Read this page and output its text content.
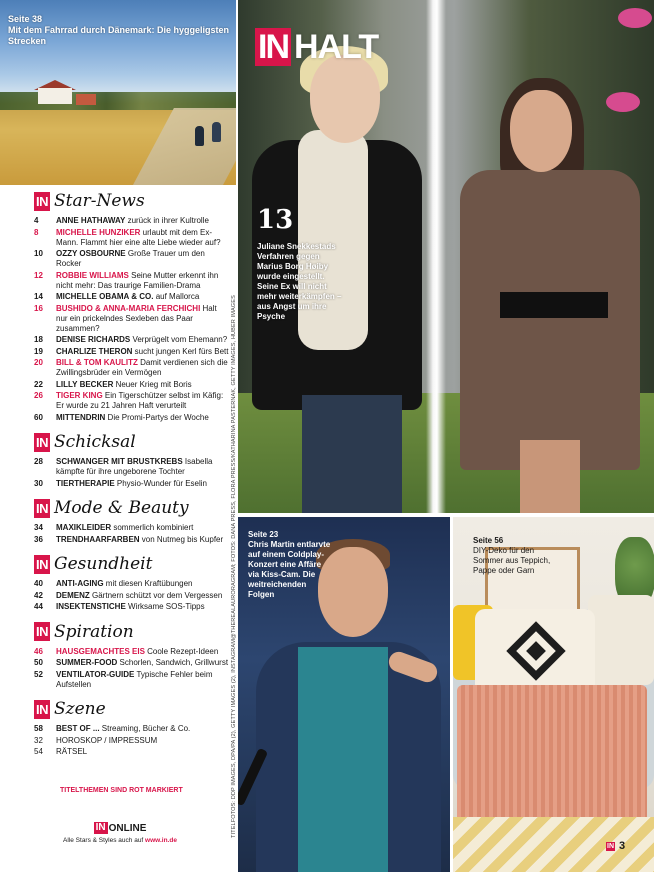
Seite 38
Mit dem Fahrrad durch Dänemark: Die hyggeligsten Strecken
IN Star-News
4	ANNE HATHAWAY zurück in ihrer Kultrolle
8	MICHELLE HUNZIKER urlaubt mit dem Ex-Mann. Flammt hier eine alte Liebe wieder auf?
10	OZZY OSBOURNE Große Trauer um den Rocker
12	ROBBIE WILLIAMS Seine Mutter erkennt ihn nicht mehr: Das traurige Familien-Drama
14	MICHELLE OBAMA & CO. auf Mallorca
16	BUSHIDO & ANNA-MARIA FERCHICHI Halt nur ein prickelndes Sexleben das Paar zusammen?
18	DENISE RICHARDS Verprügelt vom Ehemann?
19	CHARLIZE THERON sucht jungen Kerl fürs Bett
20	BILL & TOM KAULITZ Damit verdienen sich die Zwillingsbrüder ein Vermögen
22	LILLY BECKER Neuer Krieg mit Boris
26	TIGER KING Ein Tigerschützer selbst im Käfig: Er wurde zu 21 Jahren Haft verurteilt
60	MITTENDRIN Die Promi-Partys der Woche
IN Schicksal
28	SCHWANGER MIT BRUSTKREBS Isabella kämpfte für ihre ungeborene Tochter
30	TIERTHERAPIE Physio-Wunder für Eselin
IN Mode & Beauty
34	MAXIKLEIDER sommerlich kombiniert
36	TRENDHAARFARBEN von Nutmeg bis Kupfer
IN Gesundheit
40	ANTI-AGING mit diesen Kraftübungen
42	DEMENZ Gärtnern schützt vor dem Vergessen
44	INSEKTENSTICHE Wirksame SOS-Tipps
IN Spiration
46	HAUSGEMACHTES EIS Coole Rezept-Ideen
50	SUMMER-FOOD Schorlen, Sandwich, Grillwurst
52	VENTILATOR-GUIDE Typische Fehler beim Aufstellen
IN Szene
58	BEST OF ... Streaming, Bücher & Co.
32	HOROSKOP / IMPRESSUM
54	RÄTSEL
TITELTHEMEN SIND ROT MARKIERT
IN ONLINE
Alle Stars & Styles auch auf www.in.de
TITELFOTOS: DDP IMAGES, DPA/PA (2), GETTY IMAGES (2), INSTAGRAM@THEREALAURORAGRAM; FOTOS: DANA PRESS, FLORA PRESS/KATHARINA PASTERNAK, GETTY IMAGES, HUBER IMAGES
IN HALT
13
Juliane Snekkestads Verfahren gegen Marius Borg Høiby wurde eingestellt. Seine Ex will nicht mehr weiterkämpfen – aus Angst um ihre Psyche
Seite 23
Chris Martin entlarvte auf einem Coldplay-Konzert eine Affäre via Kiss-Cam. Die weitreichenden Folgen
Seite 56
DIY-Deko für den Sommer aus Teppich, Pappe oder Garn
IN 3
